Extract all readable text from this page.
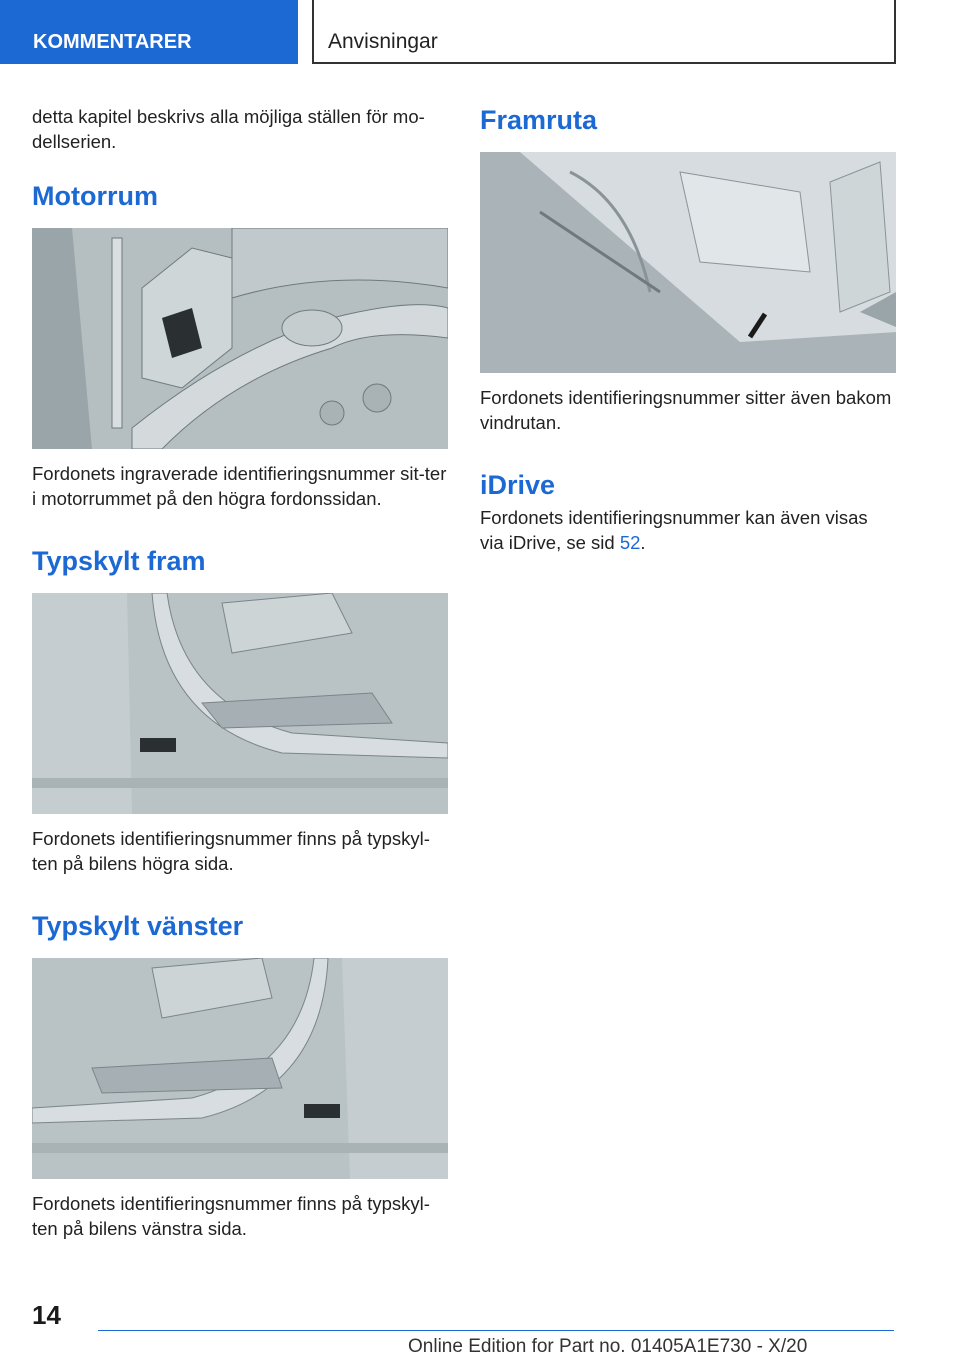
KOMMENTARER	Anvisningar

detta kapitel beskrivs alla möjliga ställen för mo-dellserien.

Motorrum

Fordonets ingraverade identifieringsnummer sit-ter i motorrummet på den högra fordonssidan.

Typskylt fram

Fordonets identifieringsnummer finns på typskyl-ten på bilens högra sida.

Typskylt vänster

Fordonets identifieringsnummer finns på typskyl-ten på bilens vänstra sida.

Framruta

Fordonets identifieringsnummer sitter även bakom vindrutan.

iDrive

Fordonets identifieringsnummer kan även visas via iDrive, se sid 52.

14
Online Edition for Part no. 01405A1E730 - X/20
